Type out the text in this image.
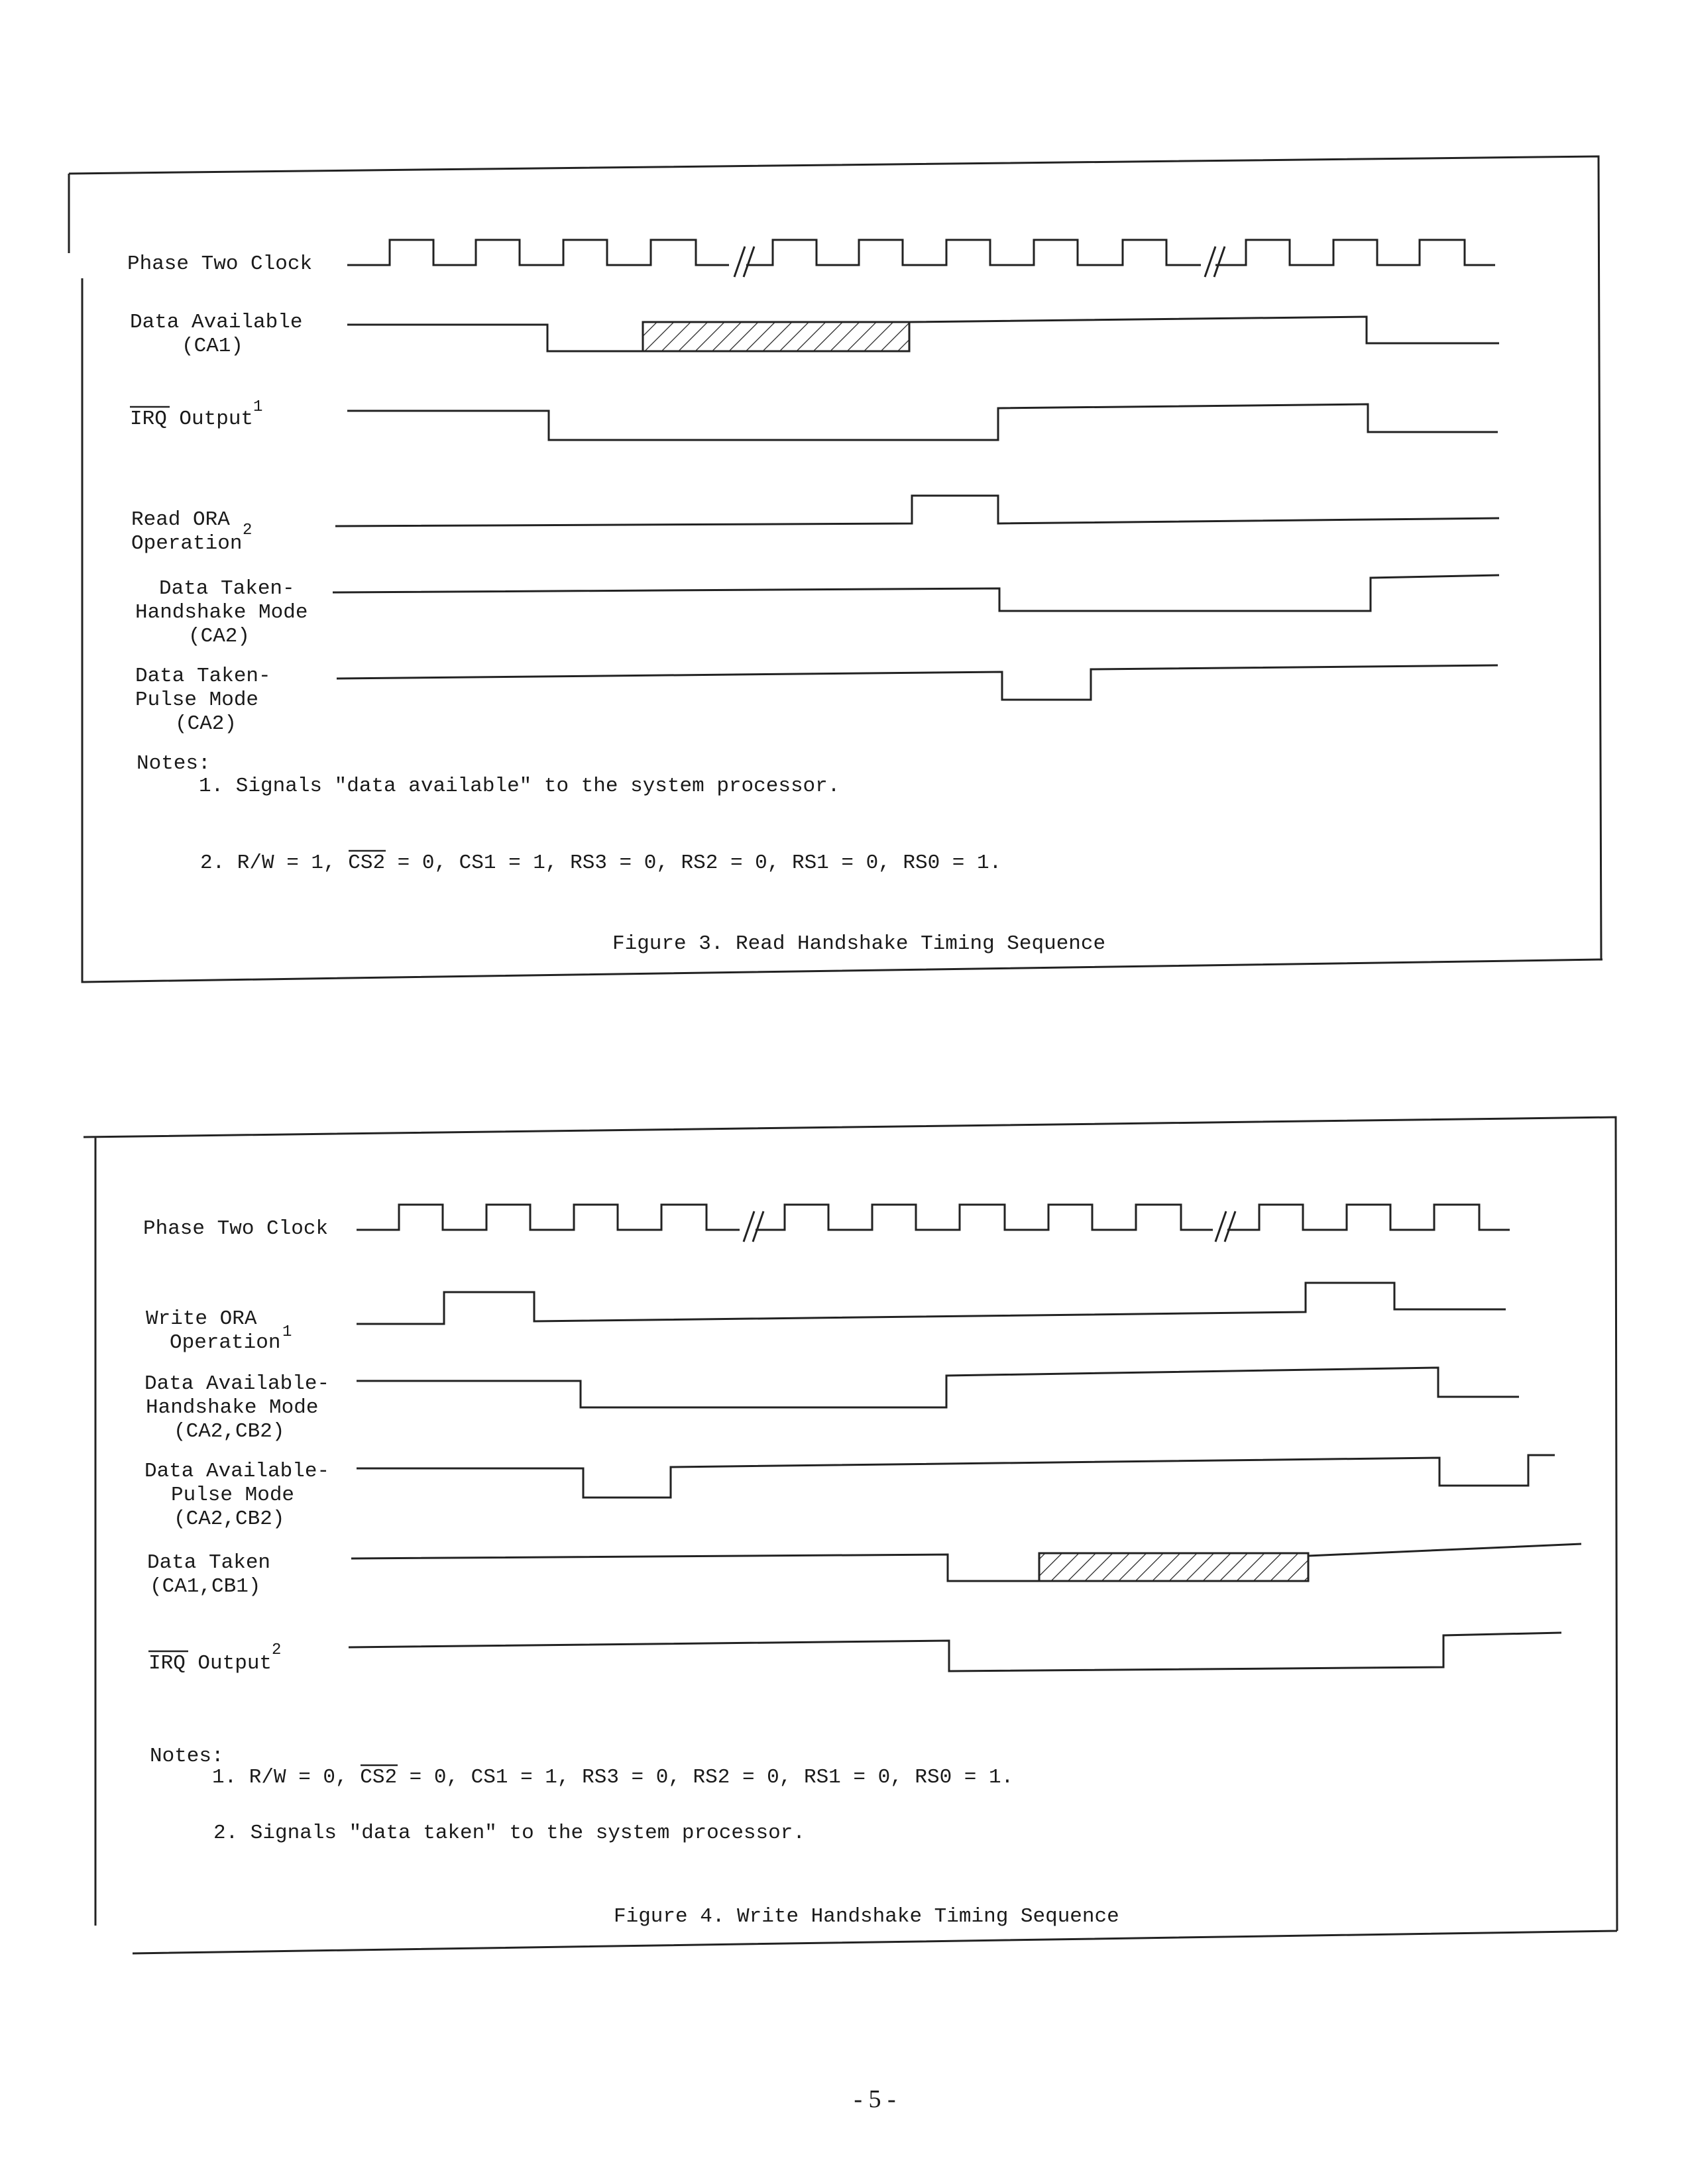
Phase Two Clock
Data Available
(CA1)
IRQ Output
1
Read ORA
Operation
2
Data Taken-
Handshake Mode
(CA2)
Data Taken-
Pulse Mode
(CA2)
Notes:
1. Signals "data available" to the system processor.
2. R/W = 1, CS2 = 0, CS1 = 1, RS3 = 0, RS2 = 0, RS1 = 0, RS0 = 1.
Figure 3. Read Handshake Timing Sequence
Phase Two Clock
Write ORA
Operation 1
Data Available-
Handshake Mode
(CA2,CB2)
Data Available-
Pulse Mode
(CA2,CB2)
Data Taken
(CA1,CB1)
IRQ Output
2
Notes:
1. R/W = 0, CS2 = 0, CS1 = 1, RS3 = 0, RS2 = 0, RS1 = 0, RS0 = 1.
2. Signals "data taken" to the system processor.
Figure 4. Write Handshake Timing Sequence
- 5 -
